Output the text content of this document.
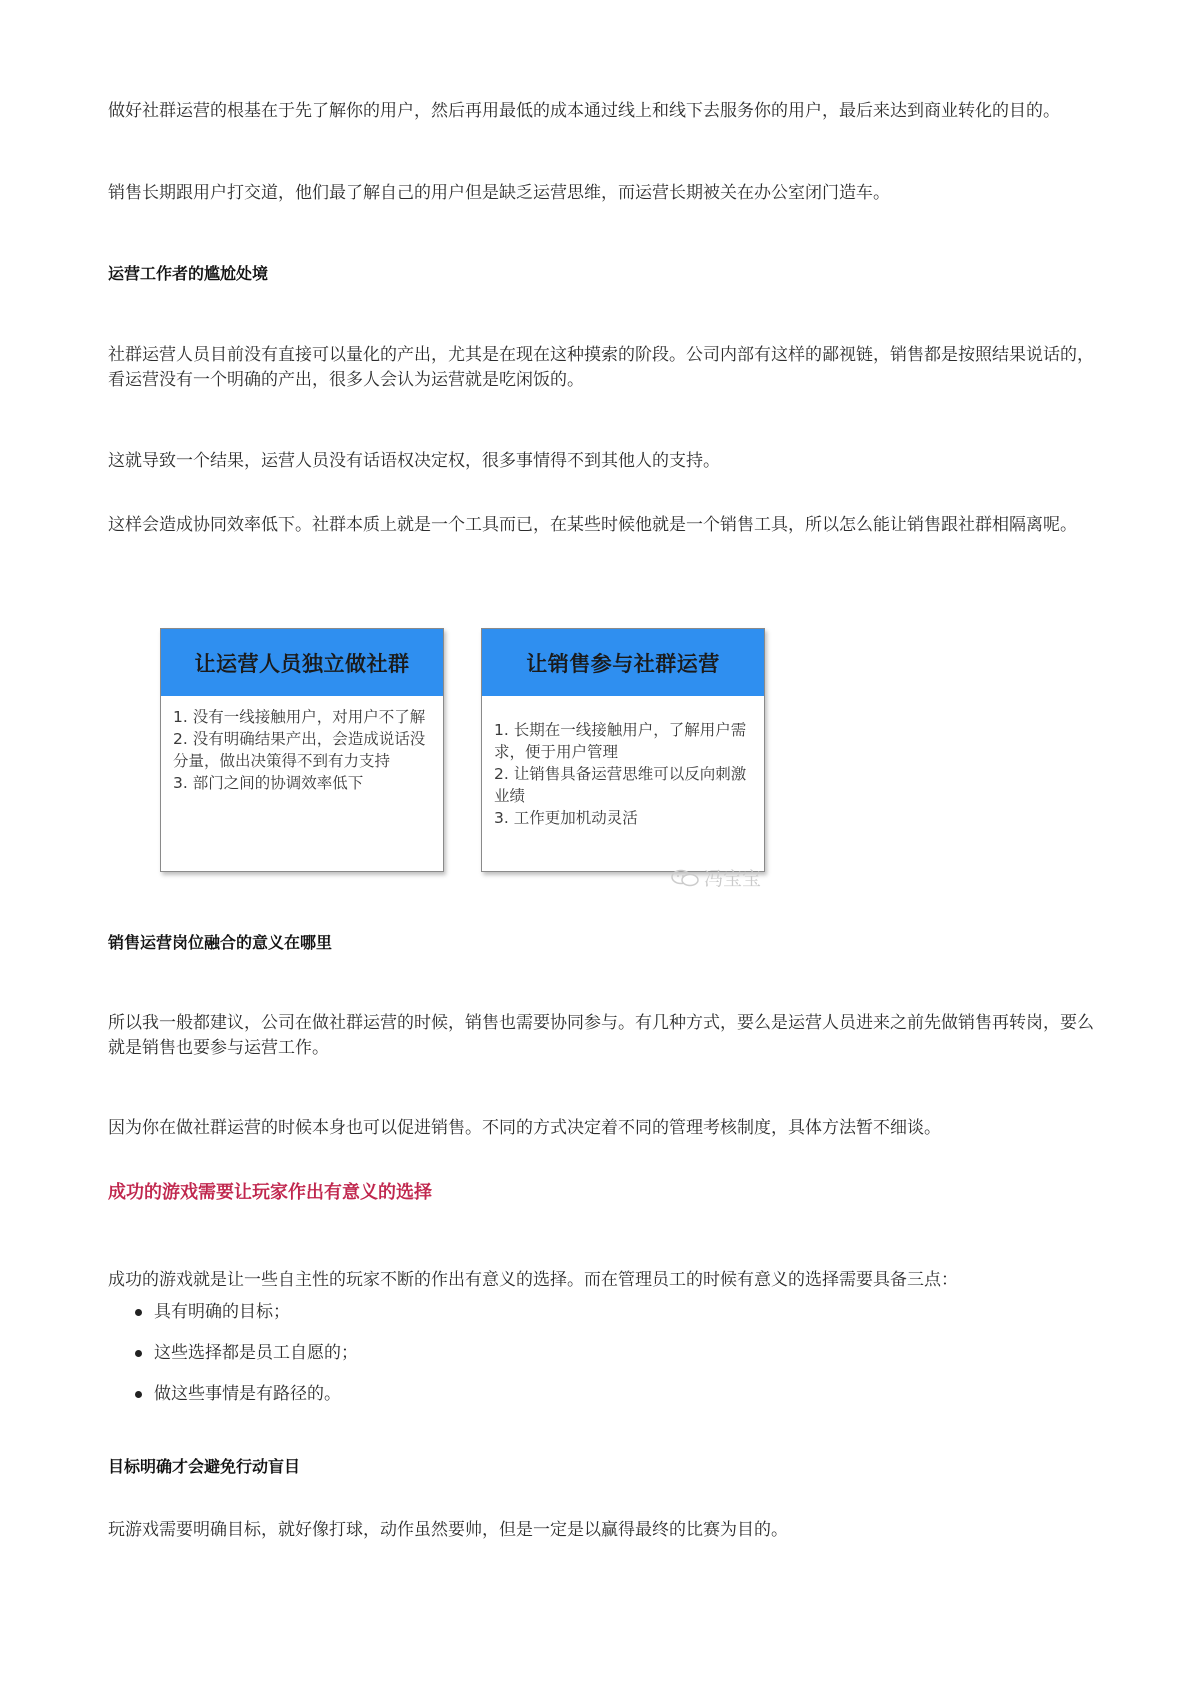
做好社群运营的根基在于先了解你的用户，然后再用最低的成本通过线上和线下去服务你的用户，最后来达到商业转化的目的。

销售长期跟用户打交道，他们最了解自己的用户但是缺乏运营思维，而运营长期被关在办公室闭门造车。

运营工作者的尴尬处境

社群运营人员目前没有直接可以量化的产出，尤其是在现在这种摸索的阶段。公司内部有这样的鄙视链，销售都是按照结果说话的，看运营没有一个明确的产出，很多人会认为运营就是吃闲饭的。

这就导致一个结果，运营人员没有话语权决定权，很多事情得不到其他人的支持。

这样会造成协同效率低下。社群本质上就是一个工具而已，在某些时候他就是一个销售工具，所以怎么能让销售跟社群相隔离呢。

让运营人员独立做社群
1. 没有一线接触用户，对用户不了解
2. 没有明确结果产出，会造成说话没分量，做出决策得不到有力支持
3. 部门之间的协调效率低下
让销售参与社群运营
1. 长期在一线接触用户，了解用户需求，便于用户管理
2. 让销售具备运营思维可以反向刺激业绩
3. 工作更加机动灵活
冯宝宝

销售运营岗位融合的意义在哪里

所以我一般都建议，公司在做社群运营的时候，销售也需要协同参与。有几种方式，要么是运营人员进来之前先做销售再转岗，要么就是销售也要参与运营工作。

因为你在做社群运营的时候本身也可以促进销售。不同的方式决定着不同的管理考核制度，具体方法暂不细谈。

成功的游戏需要让玩家作出有意义的选择

成功的游戏就是让一些自主性的玩家不断的作出有意义的选择。而在管理员工的时候有意义的选择需要具备三点：

具有明确的目标；
这些选择都是员工自愿的；
做这些事情是有路径的。

目标明确才会避免行动盲目

玩游戏需要明确目标，就好像打球，动作虽然要帅，但是一定是以赢得最终的比赛为目的。
